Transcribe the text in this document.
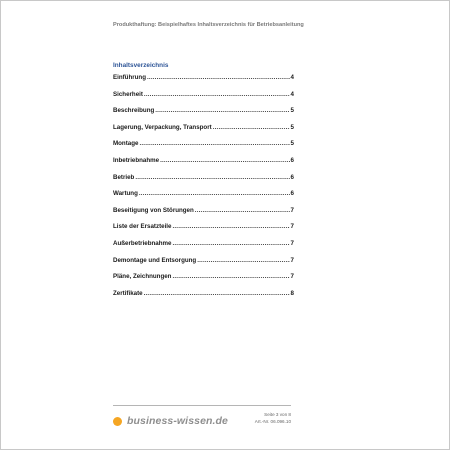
Produkthaftung: Beispielhaftes Inhaltsverzeichnis für Betriebsanleitung
Inhaltsverzeichnis
Einführung .....	4
Sicherheit .....	4
Beschreibung .....	5
Lagerung, Verpackung, Transport .....	5
Montage .....	5
Inbetriebnahme .....	6
Betrieb .....	6
Wartung .....	6
Beseitigung von Störungen .....	7
Liste der Ersatzteile .....	7
Außerbetriebnahme .....	7
Demontage und Entsorgung .....	7
Pläne, Zeichnungen .....	7
Zertifikate .....	8
business-wissen.de
Seite 3 von 8
Art.-Nr. 06.096.10
